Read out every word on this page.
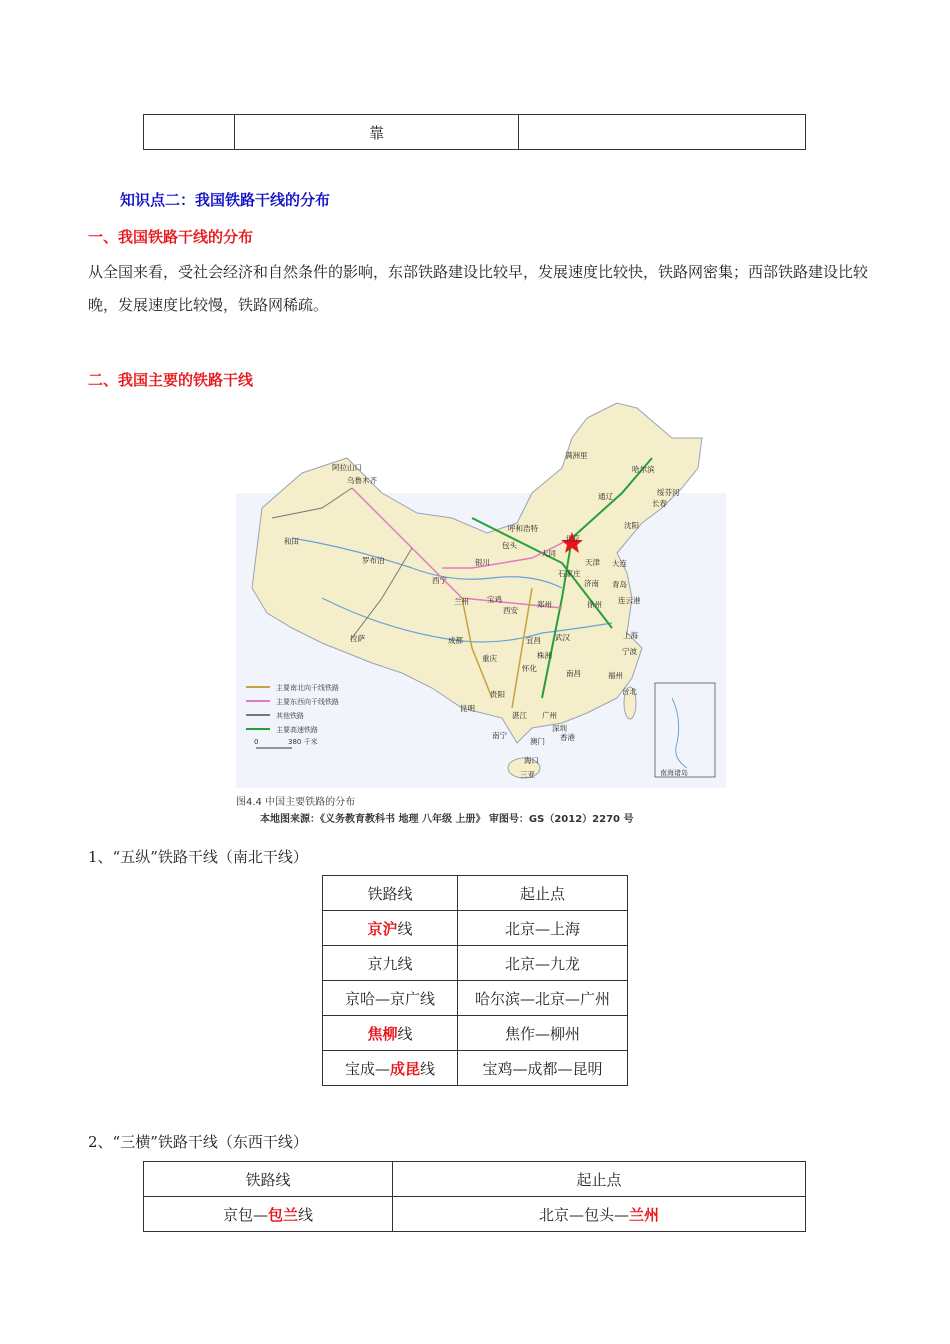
	靠	
知识点二：我国铁路干线的分布
一、我国铁路干线的分布
从全国来看，受社会经济和自然条件的影响，东部铁路建设比较早，发展速度比较快，铁路网密集；西部铁路建设比较晚，发展速度比较慢，铁路网稀疏。
二、我国主要的铁路干线
主要南北向干线铁路
主要东西向干线铁路
其他铁路
主要高速铁路
0	380 千米
南海诸岛
阿拉山口
乌鲁木齐
和田
罗布泊
拉萨
西宁
兰州
银川
包头
呼和浩特
北京
大同
天津 大连
沈阳
长春
哈尔滨
绥芬河
满洲里
通辽
宝鸡
西安
郑州
济南 青岛
连云港
徐州
成都
重庆
贵阳
昆明
南宁
武汉
南昌
上海
宁波
福州
台北
广州
深圳
香港
澳门
湛江
海口
三亚
怀化
株洲
宜昌
石家庄
图4.4 中国主要铁路的分布
本地图来源：《义务教育教科书 地理 八年级 上册》 审图号：GS（2012）2270 号
1、“五纵”铁路干线（南北干线）
铁路线	起止点
京沪线	北京—上海
京九线	北京—九龙
京哈—京广线	哈尔滨—北京—广州
焦柳线	焦作—柳州
宝成—成昆线	宝鸡—成都—昆明
2、“三横”铁路干线（东西干线）
铁路线	起止点
京包—包兰线	北京—包头—兰州
